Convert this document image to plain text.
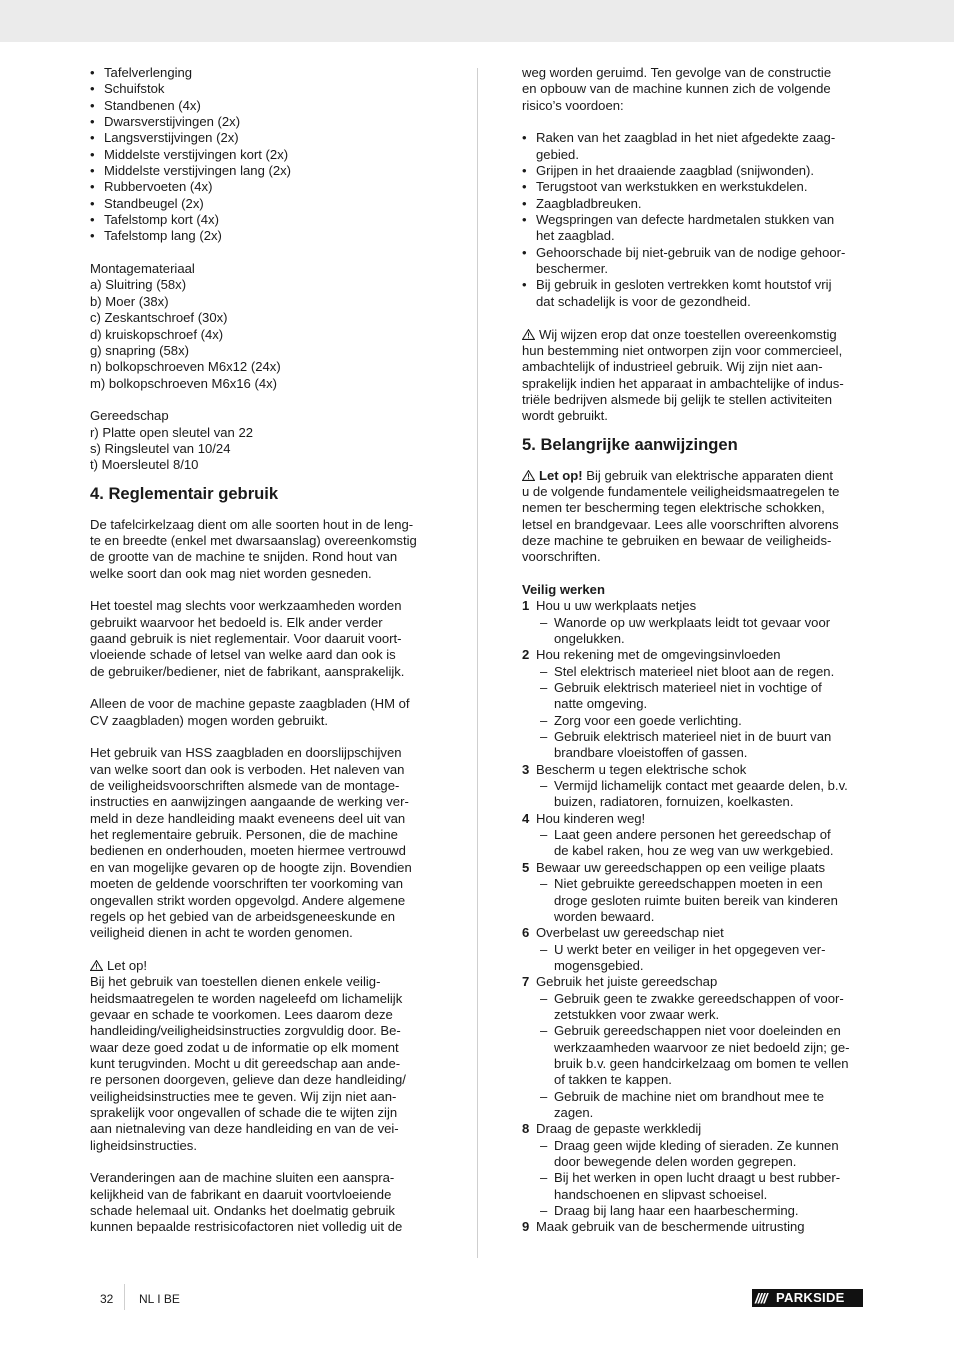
• Tafelverlenging
• Schuifstok
• Standbenen (4x)
• Dwarsverstijvingen (2x)
• Langsverstijvingen (2x)
• Middelste verstijvingen kort (2x)
• Middelste verstijvingen lang (2x)
• Rubbervoeten (4x)
• Standbeugel (2x)
• Tafelstomp kort (4x)
• Tafelstomp lang (2x)
Montagemateriaal
a) Sluitring (58x)
b) Moer (38x)
c) Zeskantschroef (30x)
d) kruiskopschroef (4x)
g) snapring (58x)
n) bolkopschroeven M6x12 (24x)
m) bolkopschroeven M6x16 (4x)
Gereedschap
r) Platte open sleutel van 22
s) Ringsleutel van 10/24
t) Moersleutel 8/10
4. Reglementair gebruik
De tafelcirkelzaag dient om alle soorten hout in de leng-
te en breedte (enkel met dwarsaanslag) overeenkomstig
de grootte van de machine te snijden. Rond hout van
welke soort dan ook mag niet worden gesneden.
Het toestel mag slechts voor werkzaamheden worden
gebruikt waarvoor het bedoeld is. Elk ander verder
gaand gebruik is niet reglementair. Voor daaruit voort-
vloeiende schade of letsel van welke aard dan ook is
de gebruiker/bediener, niet de fabrikant, aansprakelijk.
Alleen de voor de machine gepaste zaagbladen (HM of
CV zaagbladen) mogen worden gebruikt.
Het gebruik van HSS zaagbladen en doorslijpschijven
van welke soort dan ook is verboden. Het naleven van
de veiligheidsvoorschriften alsmede van de montage-
instructies en aanwijzingen aangaande de werking ver-
meld in deze handleiding maakt eveneens deel uit van
het reglementaire gebruik. Personen, die de machine
bedienen en onderhouden, moeten hiermee vertrouwd
en van mogelijke gevaren op de hoogte zijn. Bovendien
moeten de geldende voorschriften ter voorkoming van
ongevallen strikt worden opgevolgd. Andere algemene
regels op het gebied van de arbeidsgeneeskunde en
veiligheid dienen in acht te worden genomen.
Let op!
Bij het gebruik van toestellen dienen enkele veilig-
heidsmaatregelen te worden nageleefd om lichamelijk
gevaar en schade te voorkomen. Lees daarom deze
handleiding/veiligheidsinstructies zorgvuldig door. Be-
waar deze goed zodat u de informatie op elk moment
kunt terugvinden. Mocht u dit gereedschap aan ande-
re personen doorgeven, gelieve dan deze handleiding/
veiligheidsinstructies mee te geven. Wij zijn niet aan-
sprakelijk voor ongevallen of schade die te wijten zijn
aan nietnaleving van deze handleiding en van de vei-
ligheidsinstructies.
Veranderingen aan de machine sluiten een aanspra-
kelijkheid van de fabrikant en daaruit voortvloeiende
schade helemaal uit. Ondanks het doelmatig gebruik
kunnen bepaalde restrisicofactoren niet volledig uit de
weg worden geruimd. Ten gevolge van de constructie
en opbouw van de machine kunnen zich de volgende
risico’s voordoen:
• Raken van het zaagblad in het niet afgedekte zaag-
gebied.
• Grijpen in het draaiende zaagblad (snijwonden).
• Terugstoot van werkstukken en werkstukdelen.
• Zaagbladbreuken.
• Wegspringen van defecte hardmetalen stukken van
het zaagblad.
• Gehoorschade bij niet-gebruik van de nodige gehoor-
beschermer.
• Bij gebruik in gesloten vertrekken komt houtstof vrij
dat schadelijk is voor de gezondheid.
Wij wijzen erop dat onze toestellen overeenkomstig
hun bestemming niet ontworpen zijn voor commercieel,
ambachtelijk of industrieel gebruik. Wij zijn niet aan-
sprakelijk indien het apparaat in ambachtelijke of indus-
triële bedrijven alsmede bij gelijk te stellen activiteiten
wordt gebruikt.
5. Belangrijke aanwijzingen
Let op! Bij gebruik van elektrische apparaten dient
u de volgende fundamentele veiligheidsmaatregelen te
nemen ter bescherming tegen elektrische schokken,
letsel en brandgevaar. Lees alle voorschriften alvorens
deze machine te gebruiken en bewaar de veiligheids-
voorschriften.
Veilig werken
1 Hou u uw werkplaats netjes
– Wanorde op uw werkplaats leidt tot gevaar voor
ongelukken.
2 Hou rekening met de omgevingsinvloeden
– Stel elektrisch materieel niet bloot aan de regen.
– Gebruik elektrisch materieel niet in vochtige of
natte omgeving.
– Zorg voor een goede verlichting.
– Gebruik elektrisch materieel niet in de buurt van
brandbare vloeistoffen of gassen.
3 Bescherm u tegen elektrische schok
– Vermijd lichamelijk contact met geaarde delen, b.v.
buizen, radiatoren, fornuizen, koelkasten.
4 Hou kinderen weg!
– Laat geen andere personen het gereedschap of
de kabel raken, hou ze weg van uw werkgebied.
5 Bewaar uw gereedschappen op een veilige plaats
– Niet gebruikte gereedschappen moeten in een
droge gesloten ruimte buiten bereik van kinderen
worden bewaard.
6 Overbelast uw gereedschap niet
– U werkt beter en veiliger in het opgegeven ver-
mogensgebied.
7 Gebruik het juiste gereedschap
– Gebruik geen te zwakke gereedschappen of voor-
zetstukken voor zwaar werk.
– Gebruik gereedschappen niet voor doeleinden en
werkzaamheden waarvoor ze niet bedoeld zijn; ge-
bruik b.v. geen handcirkelzaag om bomen te vellen
of takken te kappen.
– Gebruik de machine niet om brandhout mee te
zagen.
8 Draag de gepaste werkkledij
– Draag geen wijde kleding of sieraden. Ze kunnen
door bewegende delen worden gegrepen.
– Bij het werken in open lucht draagt u best rubber-
handschoenen en slipvast schoeisel.
– Draag bij lang haar een haarbescherming.
9 Maak gebruik van de beschermende uitrusting
32 NL I BE	//// PARKSIDE
